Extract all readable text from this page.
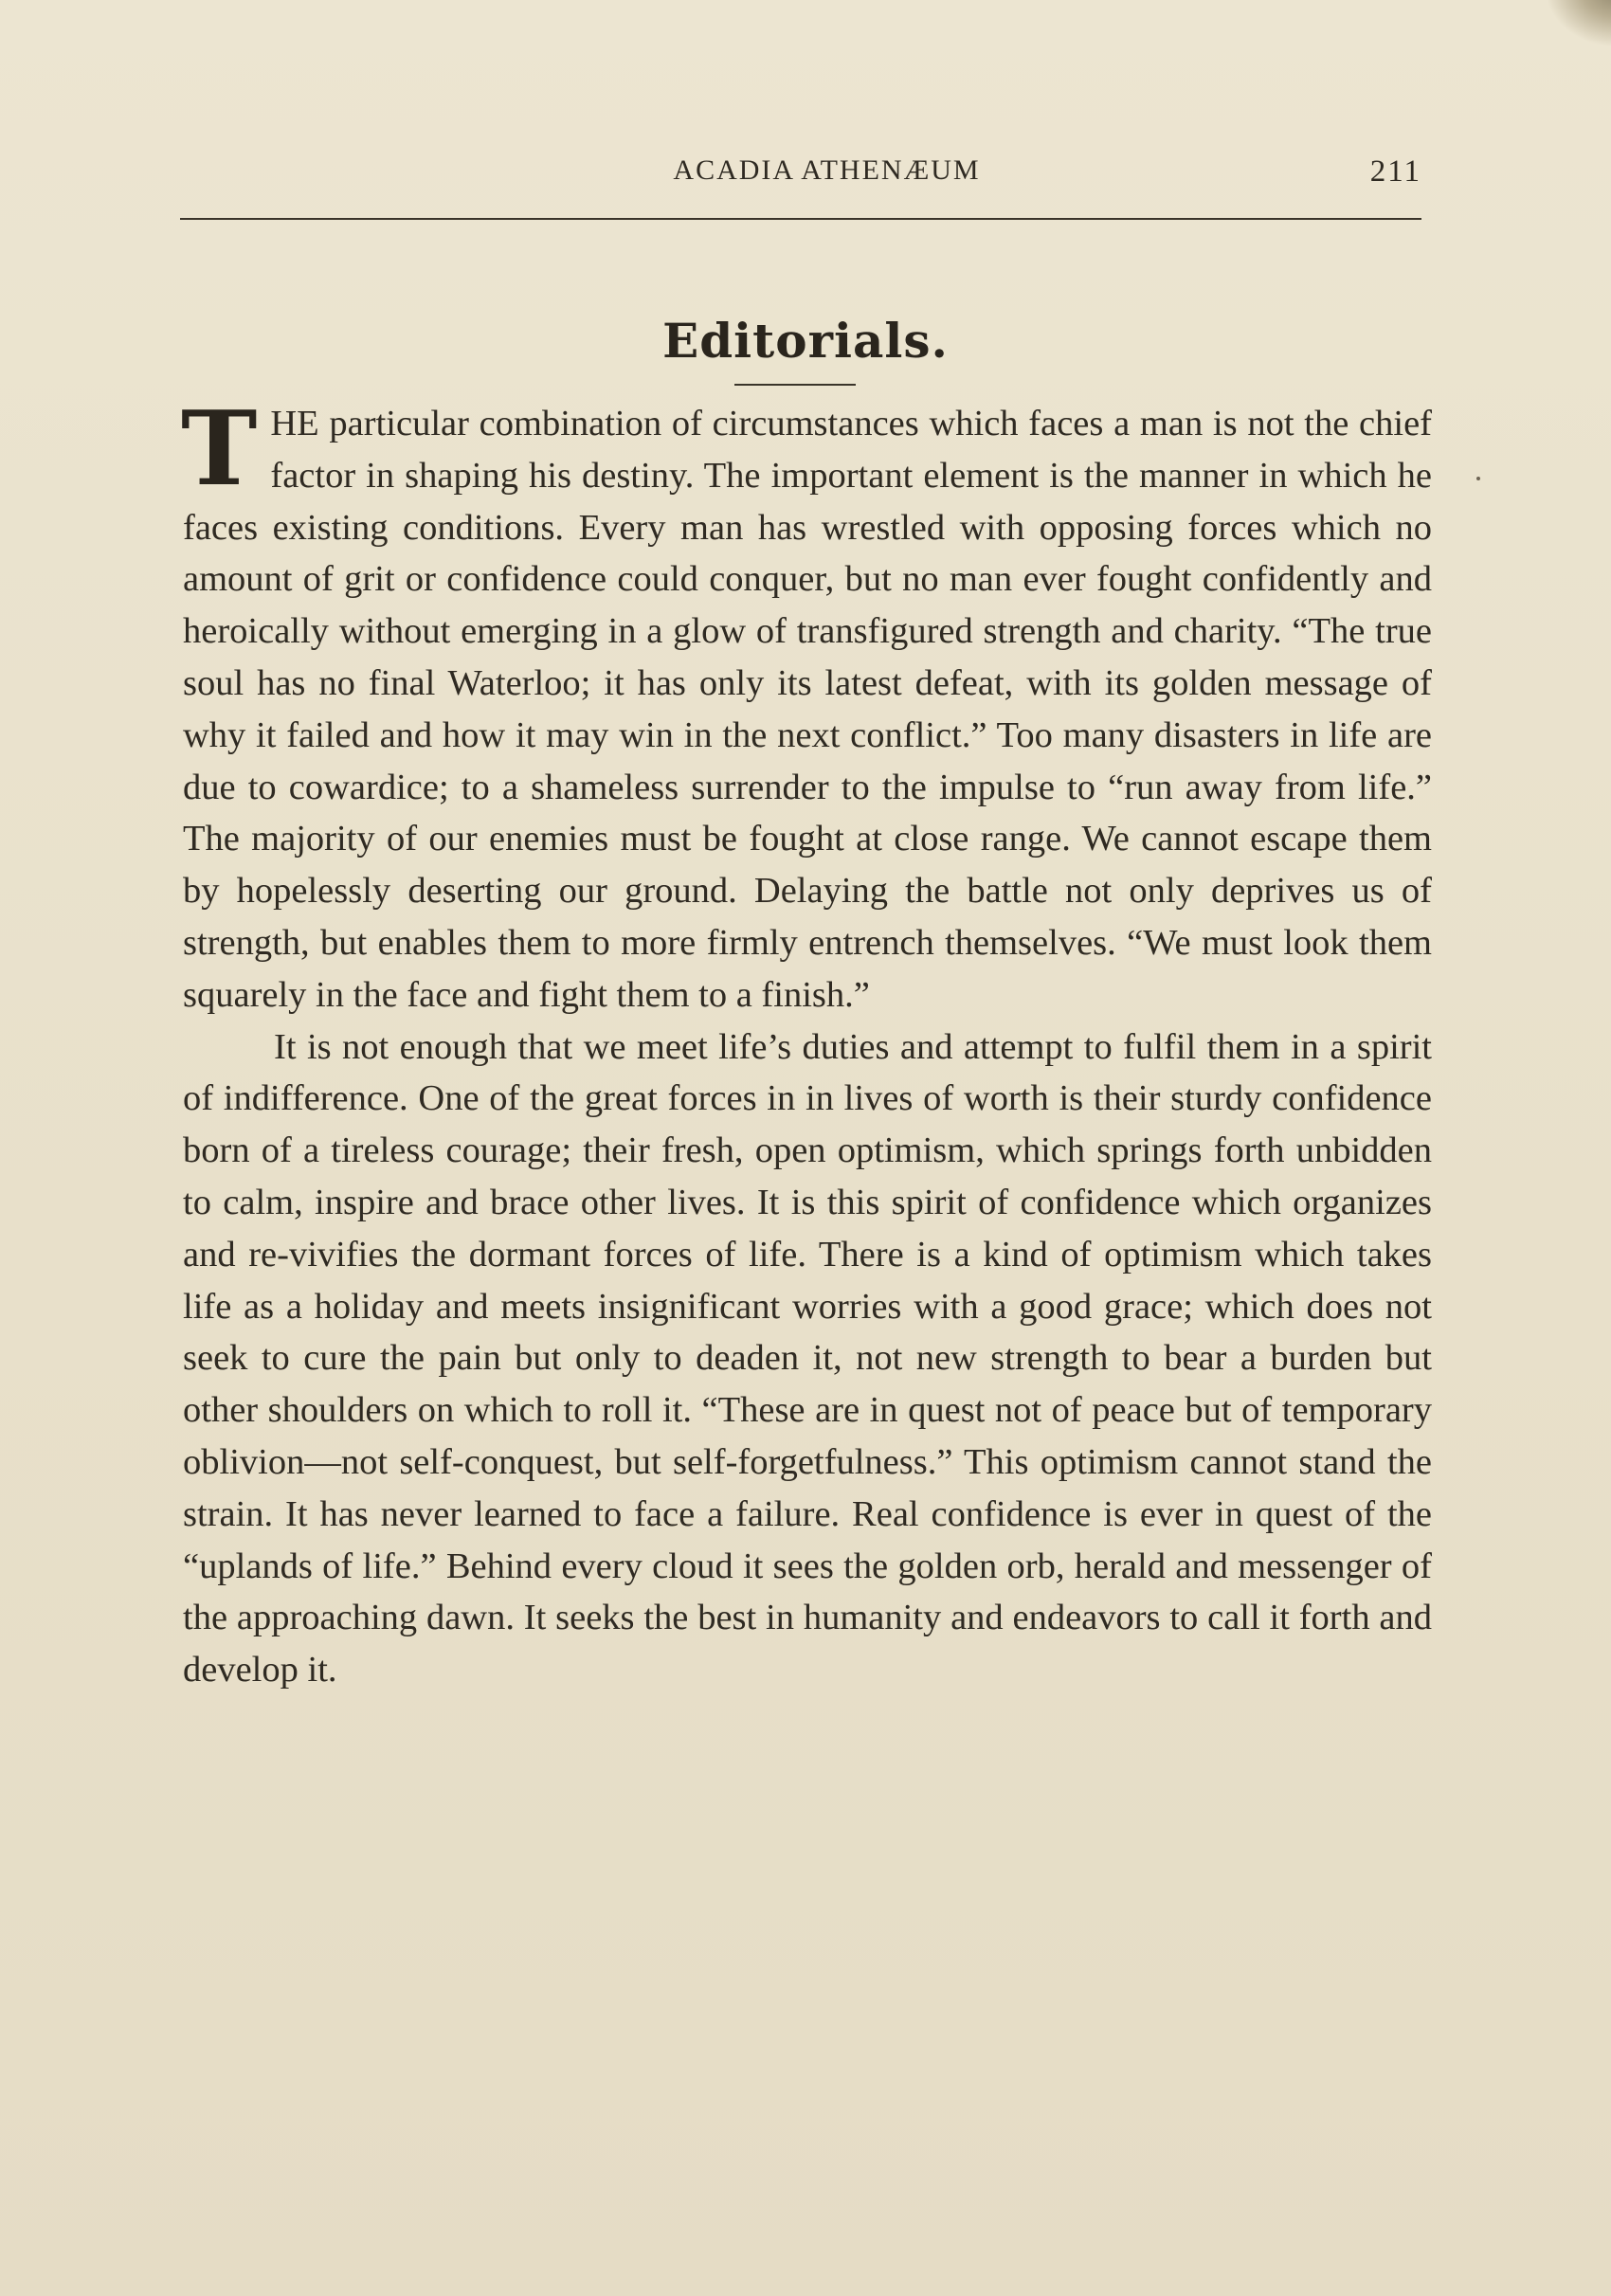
ACADIA ATHENÆUM	211
Editorials.

THE particular combination of circumstances which faces a man is not the chief factor in shaping his destiny. The important element is the manner in which he faces existing conditions. Every man has wrestled with opposing forces which no amount of grit or confidence could conquer, but no man ever fought confidently and heroically without emerging in a glow of transfigured strength and charity. “The true soul has no final Waterloo; it has only its latest defeat, with its golden message of why it failed and how it may win in the next conflict.” Too many disasters in life are due to cowardice; to a shameless surrender to the impulse to “run away from life.” The majority of our enemies must be fought at close range. We cannot escape them by hopelessly deserting our ground. Delaying the battle not only deprives us of strength, but enables them to more firmly entrench themselves. “We must look them squarely in the face and fight them to a finish.”

It is not enough that we meet life’s duties and attempt to fulfil them in a spirit of indifference. One of the great forces in in lives of worth is their sturdy confidence born of a tireless courage; their fresh, open optimism, which springs forth unbidden to calm, inspire and brace other lives. It is this spirit of confidence which organizes and re-vivifies the dormant forces of life. There is a kind of optimism which takes life as a holiday and meets insignificant worries with a good grace; which does not seek to cure the pain but only to deaden it, not new strength to bear a burden but other shoulders on which to roll it. “These are in quest not of peace but of temporary oblivion—not self-conquest, but self-forgetfulness.” This optimism cannot stand the strain. It has never learned to face a failure. Real confidence is ever in quest of the “uplands of life.” Behind every cloud it sees the golden orb, herald and messenger of the approaching dawn. It seeks the best in humanity and endeavors to call it forth and develop it.
